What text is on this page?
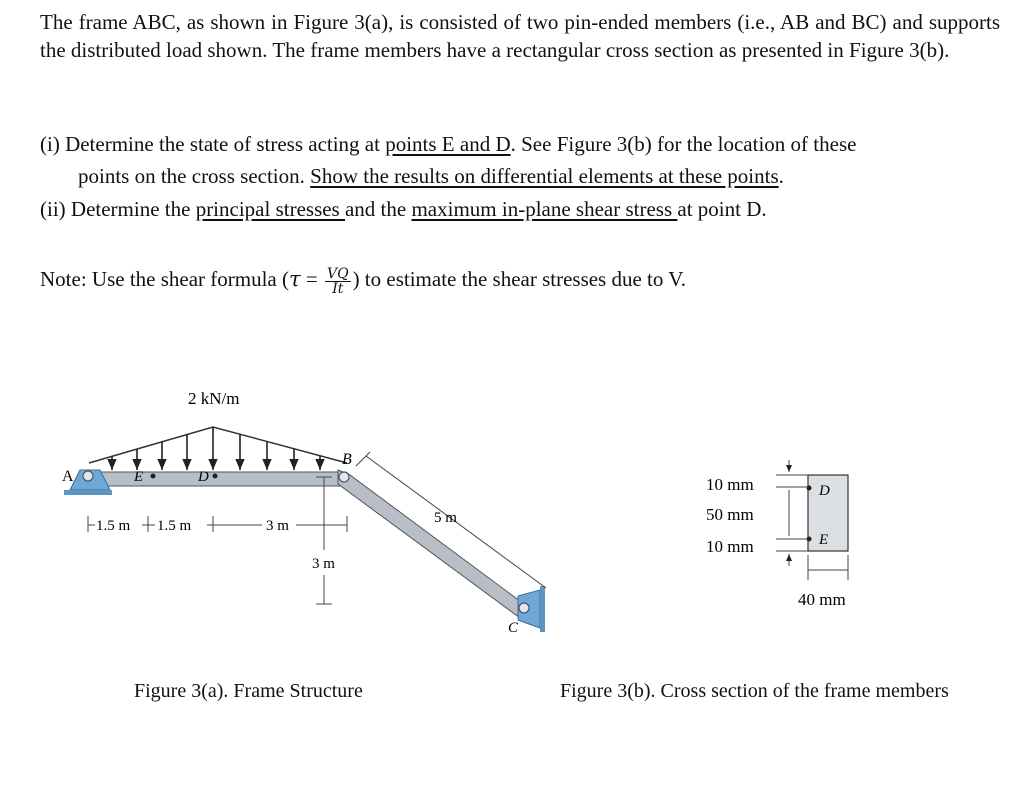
The frame ABC, as shown in Figure 3(a), is consisted of two pin-ended members (i.e., AB and BC) and supports the distributed load shown. The frame members have a rectangular cross section as presented in Figure 3(b).
(i) Determine the state of stress acting at points E and D. See Figure 3(b) for the location of these
points on the cross section. Show the results on differential elements at these points.
(ii) Determine the principal stresses and the maximum in-plane shear stress at point D.
Note: Use the shear formula ($\tau = \frac{VQ}{It}$ ) to estimate the shear stresses due to V.
2 kN/m
A
B
C
E	D
1.5 m 1.5 m	3 m
3 m
5 m
D
E
10 mm
50 mm
10 mm
40 mm
Figure 3(a). Frame Structure	Figure 3(b). Cross section of the frame members
